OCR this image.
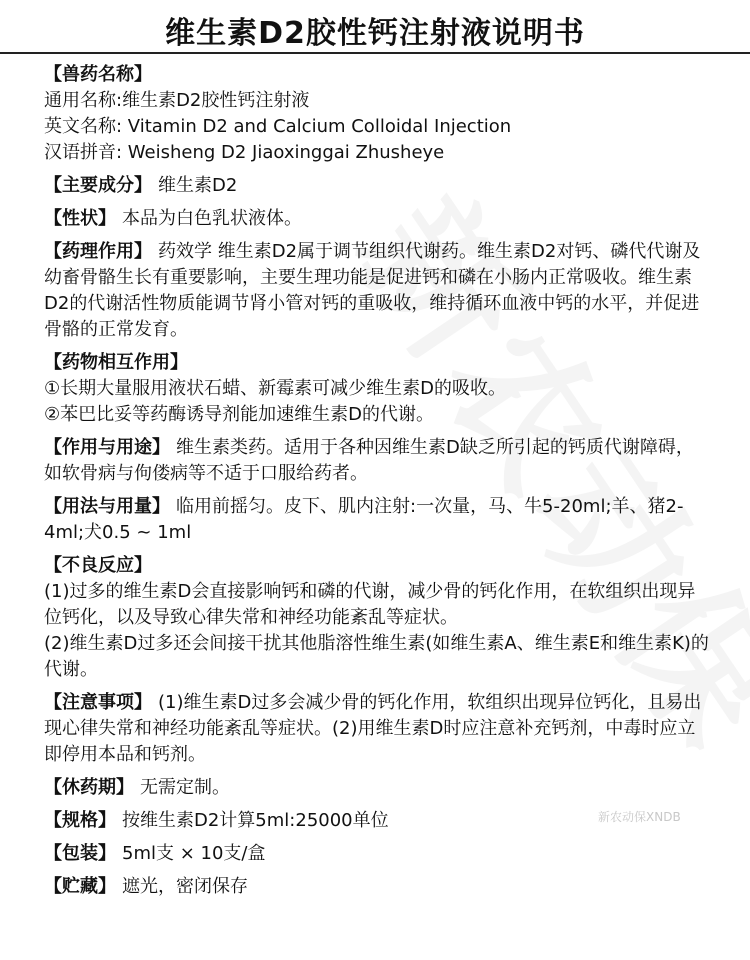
维生素D2胶性钙注射液说明书

【兽药名称】

通用名称:维生素D2胶性钙注射液

英文名称: Vitamin D2 and Calcium Colloidal Injection

汉语拼音: Weisheng D2 Jiaoxinggai Zhusheye

【主要成分】 维生素D2

【性状】 本品为白色乳状液体。

【药理作用】 药效学 维生素D2属于调节组织代谢药。维生素D2对钙、磷代代谢及幼畜骨骼生长有重要影响，主要生理功能是促进钙和磷在小肠内正常吸收。维生素D2的代谢活性物质能调节肾小管对钙的重吸收，维持循环血液中钙的水平，并促进骨骼的正常发育。

【药物相互作用】

①长期大量服用液状石蜡、新霉素可减少维生素D的吸收。

②苯巴比妥等药酶诱导剂能加速维生素D的代谢。

【作用与用途】 维生素类药。适用于各种因维生素D缺乏所引起的钙质代谢障碍，如软骨病与佝偻病等不适于口服给药者。

【用法与用量】 临用前摇匀。皮下、肌内注射:一次量，马、牛5-20ml;羊、猪2-4ml;犬0.5 ~ 1ml

【不良反应】

(1)过多的维生素D会直接影响钙和磷的代谢，减少骨的钙化作用，在软组织出现异位钙化，以及导致心律失常和神经功能紊乱等症状。

(2)维生素D过多还会间接干扰其他脂溶性维生素(如维生素A、维生素E和维生素K)的代谢。

【注意事项】 (1)维生素D过多会减少骨的钙化作用，软组织出现异位钙化，且易出现心律失常和神经功能紊乱等症状。(2)用维生素D时应注意补充钙剂，中毒时应立即停用本品和钙剂。

【休药期】 无需定制。

【规格】 按维生素D2计算5ml:25000单位

【包装】 5ml支 × 10支/盒

【贮藏】 遮光，密闭保存

新农动保XNDB
